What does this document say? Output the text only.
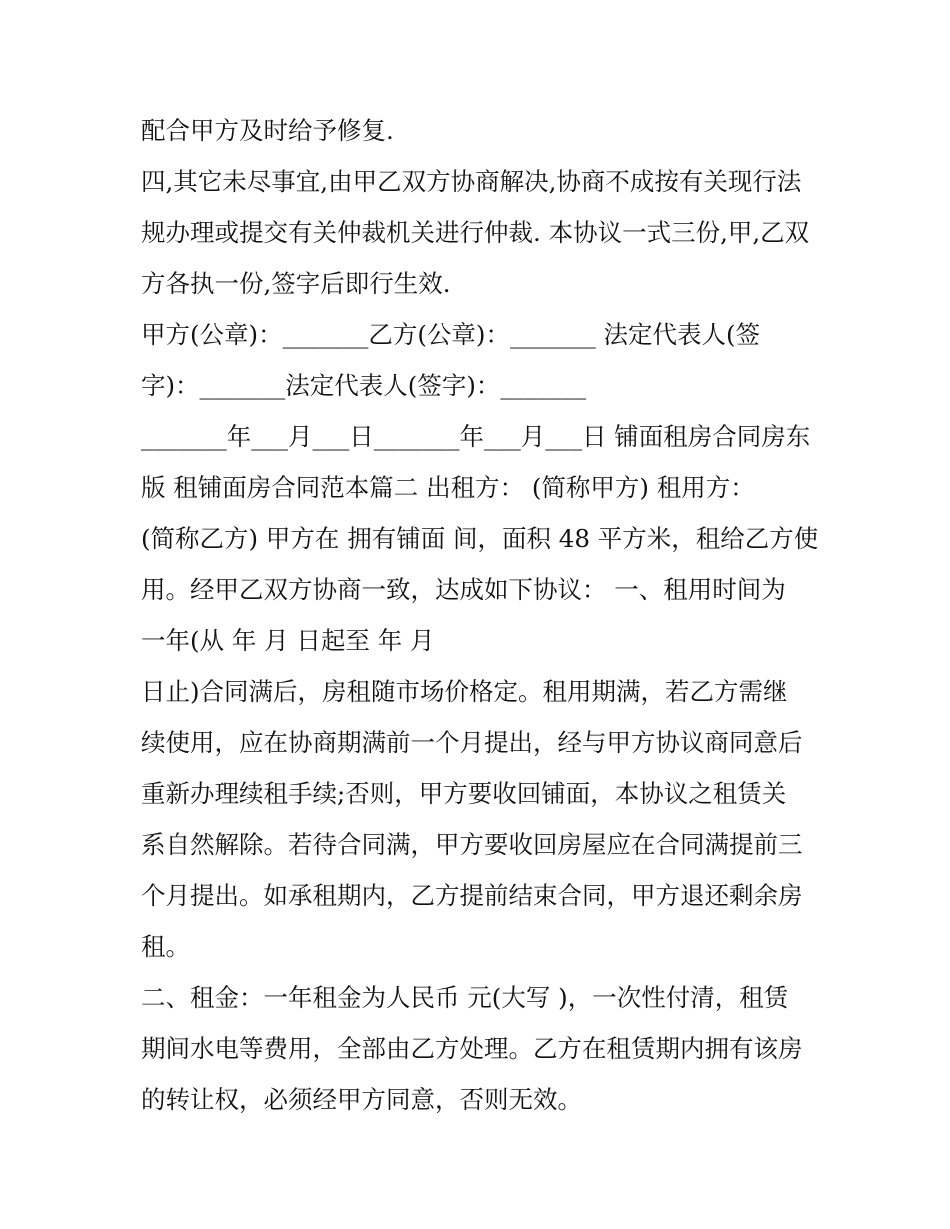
配合甲方及时给予修复.
四,其它未尽事宜,由甲乙双方协商解决,协商不成按有关现行法
规办理或提交有关仲裁机关进行仲裁. 本协议一式三份,甲,乙双
方各执一份,签字后即行生效.
甲方(公章)：_______乙方(公章)：_______ 法定代表人(签
字)：_______法定代表人(签字)：_______
_______年___月___日_______年___月___日 铺面租房合同房东
版 租铺面房合同范本篇二 出租方： (简称甲方) 租用方：
(简称乙方) 甲方在 拥有铺面 间，面积 48 平方米，租给乙方使
用。经甲乙双方协商一致，达成如下协议： 一、租用时间为
一年(从 年 月 日起至 年 月
日止)合同满后，房租随市场价格定。租用期满，若乙方需继
续使用，应在协商期满前一个月提出，经与甲方协议商同意后
重新办理续租手续;否则，甲方要收回铺面，本协议之租赁关
系自然解除。若待合同满，甲方要收回房屋应在合同满提前三
个月提出。如承租期内，乙方提前结束合同，甲方退还剩余房
租。
二、租金：一年租金为人民币 元(大写 )，一次性付清，租赁
期间水电等费用，全部由乙方处理。乙方在租赁期内拥有该房
的转让权，必须经甲方同意，否则无效。
